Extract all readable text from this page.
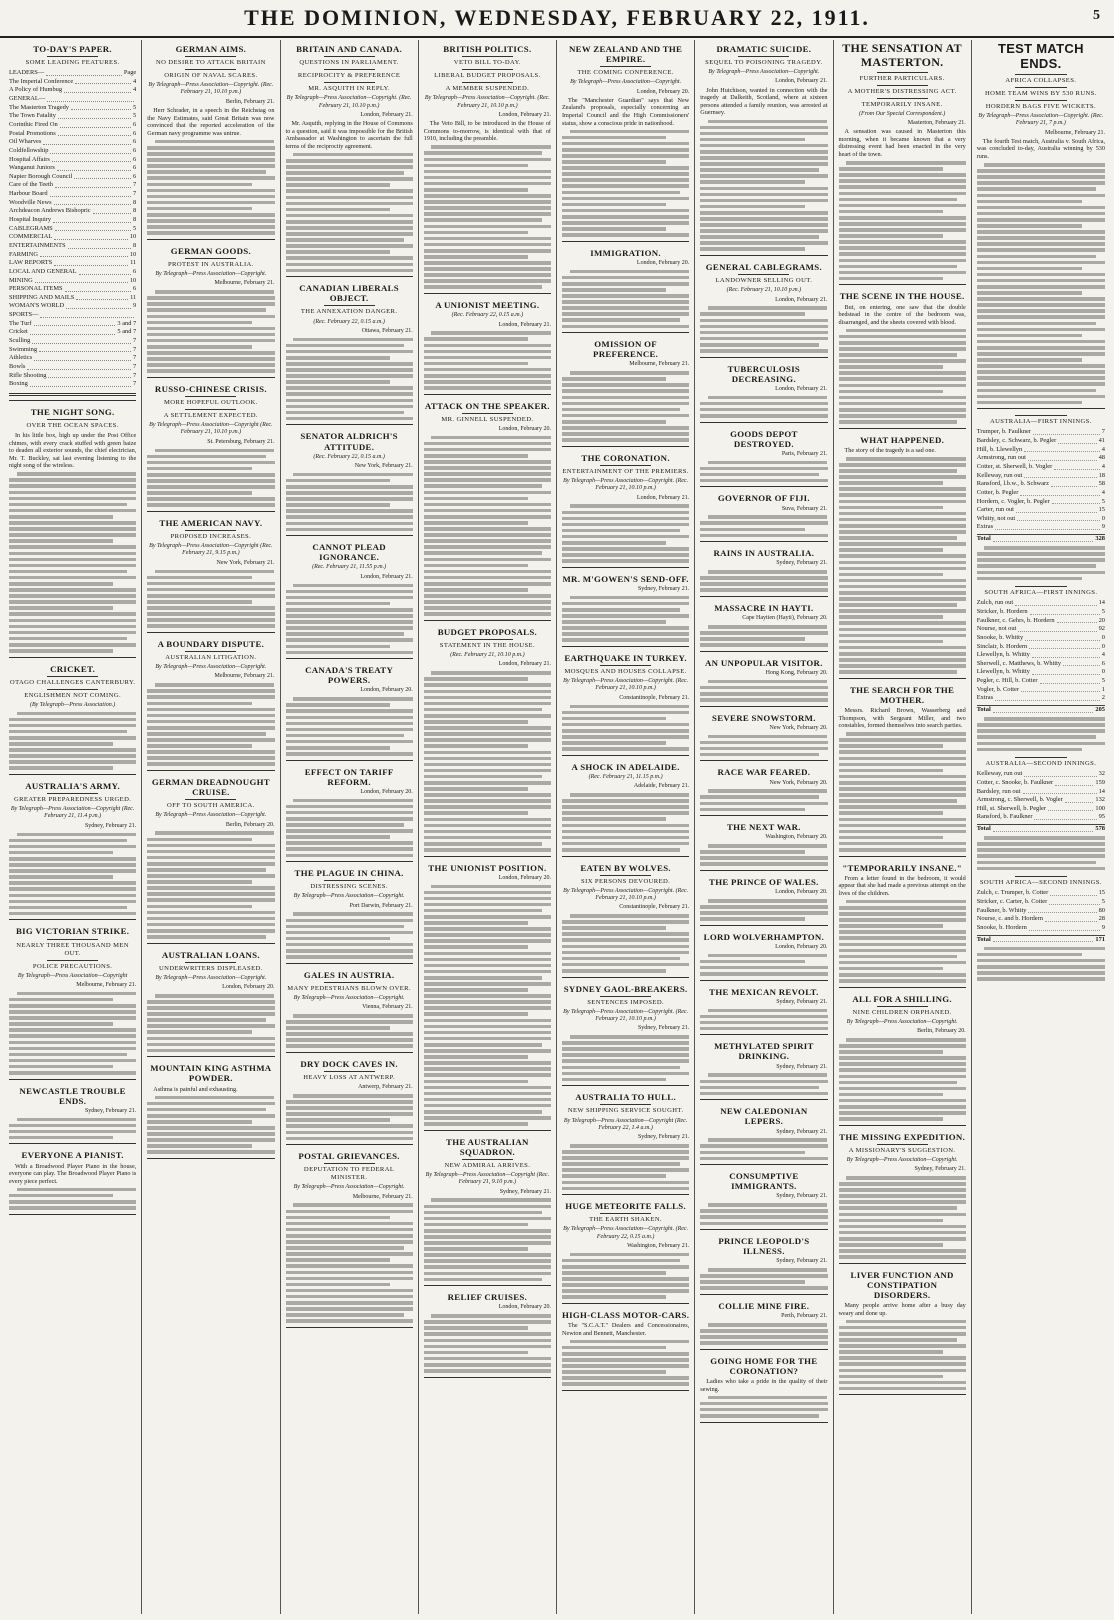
THE DOMINION, WEDNESDAY, FEBRUARY 22, 1911.	5
TO-DAY'S PAPER.
SOME LEADING FEATURES.
LEADERS—	Page
The Imperial Conference	4
A Policy of Humbug	4
GENERAL—
The Masterton Tragedy	5
The Town Fatality	5
Corinthic Fired On	6
Postal Promotions	6
Oil Wharves	6
Coldfellowship	6
Hospital Affairs	6
Wanganui Juniors	6
Napier Borough Council	6
Care of the Teeth	7
Harbour Board	7
Woodville News	8
Archdeacon Andrews Bishopric	8
Hospital Inquiry	8
CABLEGRAMS	5
COMMERCIAL	10
ENTERTAINMENTS	8
FARMING	10
LAW REPORTS	11
LOCAL AND GENERAL	6
MINING	10
PERSONAL ITEMS	6
SHIPPING AND MAILS	11
WOMAN'S WORLD	9
SPORTS—
The Turf	3 and 7
Cricket	5 and 7
Sculling	7
Swimming	7
Athletics	7
Bowls	7
Rifle Shooting	7
Boxing	7
THE NIGHT SONG.
OVER THE OCEAN SPACES.

In his little box, high up under the Post Office chimes, with every crack stuffed with green baize to deaden all exterior sounds, the chief electrician, Mr. T. Buckley, sat last evening listening to the night song of the wireless.

CRICKET.
OTAGO CHALLENGES CANTERBURY.
ENGLISHMEN NOT COMING.
(By Telegraph—Press Association.)
AUSTRALIA'S ARMY.
GREATER PREPAREDNESS URGED.
By Telegraph—Press Association—Copyright (Rec. February 21, 11.4 p.m.)
Sydney, February 21.
BIG VICTORIAN STRIKE.
NEARLY THREE THOUSAND MEN OUT.
POLICE PRECAUTIONS.
By Telegraph—Press Association—Copyright
Melbourne, February 21.
NEWCASTLE TROUBLE ENDS.
Sydney, February 21.
EVERYONE A PIANIST.

With a Broadwood Player Piano in the house, everyone can play. The Broadwood Player Piano is every piece perfect.

GERMAN AIMS.
NO DESIRE TO ATTACK BRITAIN
ORIGIN OF NAVAL SCARES.
By Telegraph—Press Association—Copyright. (Rec. February 21, 10.10 p.m.)
Berlin, February 21.

Herr Schrader, in a speech in the Reichstag on the Navy Estimates, said Great Britain was now convinced that the reported acceleration of the German navy programme was untrue.

GERMAN GOODS.
PROTEST IN AUSTRALIA.
By Telegraph—Press Association—Copyright.
Melbourne, February 21.
RUSSO-CHINESE CRISIS.
MORE HOPEFUL OUTLOOK.
A SETTLEMENT EXPECTED.
By Telegraph—Press Association—Copyright (Rec. February 21, 10.10 p.m.)
St. Petersburg, February 21.
THE AMERICAN NAVY.
PROPOSED INCREASES.
By Telegraph—Press Association—Copyright (Rec. February 21, 9.15 p.m.)
New York, February 21.
A BOUNDARY DISPUTE.
AUSTRALIAN LITIGATION.
By Telegraph—Press Association—Copyright.
Melbourne, February 21.
GERMAN DREADNOUGHT CRUISE.
OFF TO SOUTH AMERICA.
By Telegraph—Press Association—Copyright.
Berlin, February 20.
AUSTRALIAN LOANS.
UNDERWRITERS DISPLEASED.
By Telegraph—Press Association—Copyright.
London, February 20.
MOUNTAIN KING ASTHMA POWDER.

Asthma is painful and exhausting.

BRITAIN AND CANADA.
QUESTIONS IN PARLIAMENT.
RECIPROCITY & PREFERENCE
MR. ASQUITH IN REPLY.
By Telegraph—Press Association—Copyright. (Rec. February 21, 10.10 p.m.)
London, February 21.

Mr. Asquith, replying in the House of Commons to a question, said it was impossible for the British Ambassador at Washington to ascertain the full terms of the reciprocity agreement.

CANADIAN LIBERALS OBJECT.
THE ANNEXATION DANGER.
(Rec. February 22, 0.15 a.m.)
Ottawa, February 21.
SENATOR ALDRICH'S ATTITUDE.
(Rec. February 22, 0.15 a.m.)
New York, February 21.
CANNOT PLEAD IGNORANCE.
(Rec. February 21, 11.55 p.m.)
London, February 21.
CANADA'S TREATY POWERS.
London, February 20.
EFFECT ON TARIFF REFORM.
London, February 20.
THE PLAGUE IN CHINA.
DISTRESSING SCENES.
By Telegraph—Press Association—Copyright.
Port Darwin, February 21.
GALES IN AUSTRIA.
MANY PEDESTRIANS BLOWN OVER.
By Telegraph—Press Association—Copyright.
Vienna, February 21.
DRY DOCK CAVES IN.
HEAVY LOSS AT ANTWERP.
Antwerp, February 21.
POSTAL GRIEVANCES.
DEPUTATION TO FEDERAL MINISTER.
By Telegraph—Press Association—Copyright.
Melbourne, February 21.
BRITISH POLITICS.
VETO BILL TO-DAY.
LIBERAL BUDGET PROPOSALS.
A MEMBER SUSPENDED.
By Telegraph—Press Association—Copyright. (Rec. February 21, 10.10 p.m.)
London, February 21.

The Veto Bill, to be introduced in the House of Commons to-morrow, is identical with that of 1910, including the preamble.

A UNIONIST MEETING.
(Rec. February 22, 0.15 a.m.)
London, February 21.
ATTACK ON THE SPEAKER.
MR. GINNELL SUSPENDED.
London, February 20.
BUDGET PROPOSALS.
STATEMENT IN THE HOUSE.
(Rec. February 21, 10.10 p.m.)
London, February 21.
THE UNIONIST POSITION.
London, February 20.
THE AUSTRALIAN SQUADRON.
NEW ADMIRAL ARRIVES.
By Telegraph—Press Association—Copyright (Rec. February 21, 9.10 p.m.)
Sydney, February 21.
RELIEF CRUISES.
London, February 20.
NEW ZEALAND AND THE EMPIRE.
THE COMING CONFERENCE.
By Telegraph—Press Association—Copyright.
London, February 20.

The "Manchester Guardian" says that New Zealand's proposals, especially concerning an Imperial Council and the High Commissioners' status, show a conscious pride in nationhood.

IMMIGRATION.
London, February 20.
OMISSION OF PREFERENCE.
Melbourne, February 21.
THE CORONATION.
ENTERTAINMENT OF THE PREMIERS.
By Telegraph—Press Association—Copyright. (Rec. February 21, 10.10 p.m.)
London, February 21.
MR. M'GOWEN'S SEND-OFF.
Sydney, February 21.
EARTHQUAKE IN TURKEY.
MOSQUES AND HOUSES COLLAPSE.
By Telegraph—Press Association—Copyright. (Rec. February 21, 10.10 p.m.)
Constantinople, February 21.
A SHOCK IN ADELAIDE.
(Rec. February 21, 11.15 p.m.)
Adelaide, February 21.
EATEN BY WOLVES.
SIX PERSONS DEVOURED.
By Telegraph—Press Association—Copyright. (Rec. February 21, 10.10 p.m.)
Constantinople, February 21.
SYDNEY GAOL-BREAKERS.
SENTENCES IMPOSED.
By Telegraph—Press Association—Copyright. (Rec. February 21, 10.10 p.m.)
Sydney, February 21.
AUSTRALIA TO HULL.
NEW SHIPPING SERVICE SOUGHT.
By Telegraph—Press Association—Copyright (Rec. February 22, 1.4 a.m.)
Sydney, February 21.
HUGE METEORITE FALLS.
THE EARTH SHAKEN.
By Telegraph—Press Association—Copyright. (Rec. February 22, 0.15 a.m.)
Washington, February 21.
HIGH-CLASS MOTOR-CARS.

The "S.C.A.T." Dealers and Concessionaires, Newton and Bennett, Manchester.

DRAMATIC SUICIDE.
SEQUEL TO POISONING TRAGEDY.
By Telegraph—Press Association—Copyright.
London, February 21.

John Hutchison, wanted in connection with the tragedy at Dalkeith, Scotland, where at sixteen persons attended a family reunion, was arrested at Guernsey.

GENERAL CABLEGRAMS.
LANDOWNER SELLING OUT.
(Rec. February 21, 10.10 p.m.)
London, February 21.
TUBERCULOSIS DECREASING.
London, February 21.
GOODS DEPOT DESTROYED.
Paris, February 21.
GOVERNOR OF FIJI.
Suva, February 21.
RAINS IN AUSTRALIA.
Sydney, February 21.
MASSACRE IN HAYTI.
Cape Haytien (Hayti), February 20.
AN UNPOPULAR VISITOR.
Hong Kong, February 20.
SEVERE SNOWSTORM.
New York, February 20.
RACE WAR FEARED.
New York, February 20.
THE NEXT WAR.
Washington, February 20.
THE PRINCE OF WALES.
London, February 20.
LORD WOLVERHAMPTON.
London, February 20.
THE MEXICAN REVOLT.
Sydney, February 21.
METHYLATED SPIRIT DRINKING.
Sydney, February 21.
NEW CALEDONIAN LEPERS.
Sydney, February 21.
CONSUMPTIVE IMMIGRANTS.
Sydney, February 21.
PRINCE LEOPOLD'S ILLNESS.
Sydney, February 21.
COLLIE MINE FIRE.
Perth, February 21.
GOING HOME FOR THE CORONATION?

Ladies who take a pride in the quality of their sewing.

THE SENSATION AT MASTERTON.
FURTHER PARTICULARS.
A MOTHER'S DISTRESSING ACT.
TEMPORARILY INSANE.
(From Our Special Correspondent.)
Masterton, February 21.

A sensation was caused in Masterton this morning, when it became known that a very distressing event had been enacted in the very heart of the town.

THE SCENE IN THE HOUSE.

But, on entering, one saw that the double bedstead in the centre of the bedroom was, disarranged, and the sheets covered with blood.

WHAT HAPPENED.

The story of the tragedy is a sad one.

THE SEARCH FOR THE MOTHER.

Messrs. Richard Brown, Wasserberg and Thompson, with Sergeant Miller, and two constables, formed themselves into search parties.

"TEMPORARILY INSANE."

From a letter found in the bedroom, it would appear that she had made a previous attempt on the lives of the children.

ALL FOR A SHILLING.
NINE CHILDREN ORPHANED.
By Telegraph—Press Association—Copyright.
Berlin, February 20.
THE MISSING EXPEDITION.
A MISSIONARY'S SUGGESTION.
By Telegraph—Press Association—Copyright.
Sydney, February 21.
LIVER FUNCTION AND CONSTIPATION DISORDERS.

Many people arrive home after a busy day weary and done up.

TEST MATCH ENDS.
AFRICA COLLAPSES.
HOME TEAM WINS BY 530 RUNS.
HORDERN BAGS FIVE WICKETS.
By Telegraph—Press Association—Copyright. (Rec. February 21, 7 p.m.)
Melbourne, February 21.

The fourth Test match, Australia v. South Africa, was concluded to-day, Australia winning by 530 runs.

AUSTRALIA—FIRST INNINGS.
Trumper, b. Faulkner	7
Bardsley, c. Schwarz, b. Pegler	41
Hill, b. Llewellyn	4
Armstrong, run out	48
Cotter, st. Sherwell, b. Vogler	4
Kelleway, run out	18
Ransford, l.b.w., b. Schwarz	58
Cotter, b. Pegler	4
Hordern, c. Vogler, b. Pegler	5
Carter, run out	15
Whitty, not out	0
Extras	9
Total	328
SOUTH AFRICA—FIRST INNINGS.
Zulch, run out	14
Stricker, b. Hordern	5
Faulkner, c. Gehrs, b. Hordern	20
Nourse, not out	92
Snooke, b. Whitty	0
Sinclair, b. Hordern	0
Llewellyn, b. Whitty	4
Sherwell, c. Matthews, b. Whitty	6
Llewellyn, b. Whitty	0
Pegler, c. Hill, b. Cotter	5
Vogler, b. Cotter	1
Extras	2
Total	205
AUSTRALIA—SECOND INNINGS.
Kelleway, run out	32
Cotter, c. Snooke, b. Faulkner	159
Bardsley, run out	14
Armstrong, c. Sherwell, b. Vogler	132
Hill, st. Sherwell, b. Pegler	100
Ransford, b. Faulkner	95
Total	578
SOUTH AFRICA—SECOND INNINGS.
Zulch, c. Trumper, b. Cotter	15
Stricker, c. Carter, b. Cotter	5
Faulkner, b. Whitty	80
Nourse, c. and b. Hordern	28
Snooke, b. Hordern	9
Total	171
